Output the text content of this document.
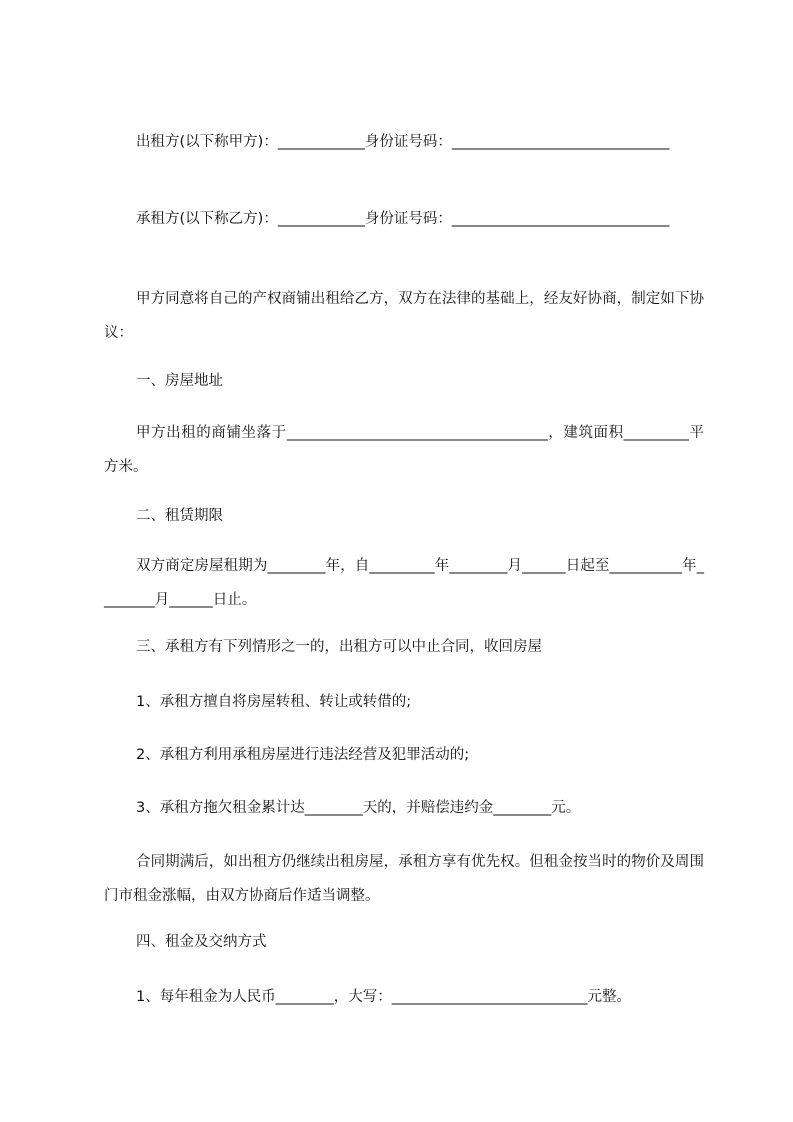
出租方(以下称甲方)：____________身份证号码：______________________________
承租方(以下称乙方)：____________身份证号码：______________________________
甲方同意将自己的产权商铺出租给乙方，双方在法律的基础上，经友好协商，制定如下协议：
一、房屋地址
甲方出租的商铺坐落于____________________________________，建筑面积_________平方米。
二、租赁期限
双方商定房屋租期为________年，自_________年________月______日起至__________年________月______日止。
三、承租方有下列情形之一的，出租方可以中止合同，收回房屋
1、承租方擅自将房屋转租、转让或转借的;
2、承租方利用承租房屋进行违法经营及犯罪活动的;
3、承租方拖欠租金累计达________天的，并赔偿违约金________元。
合同期满后，如出租方仍继续出租房屋，承租方享有优先权。但租金按当时的物价及周围门市租金涨幅，由双方协商后作适当调整。
四、租金及交纳方式
1、每年租金为人民币________，大写：___________________________元整。
